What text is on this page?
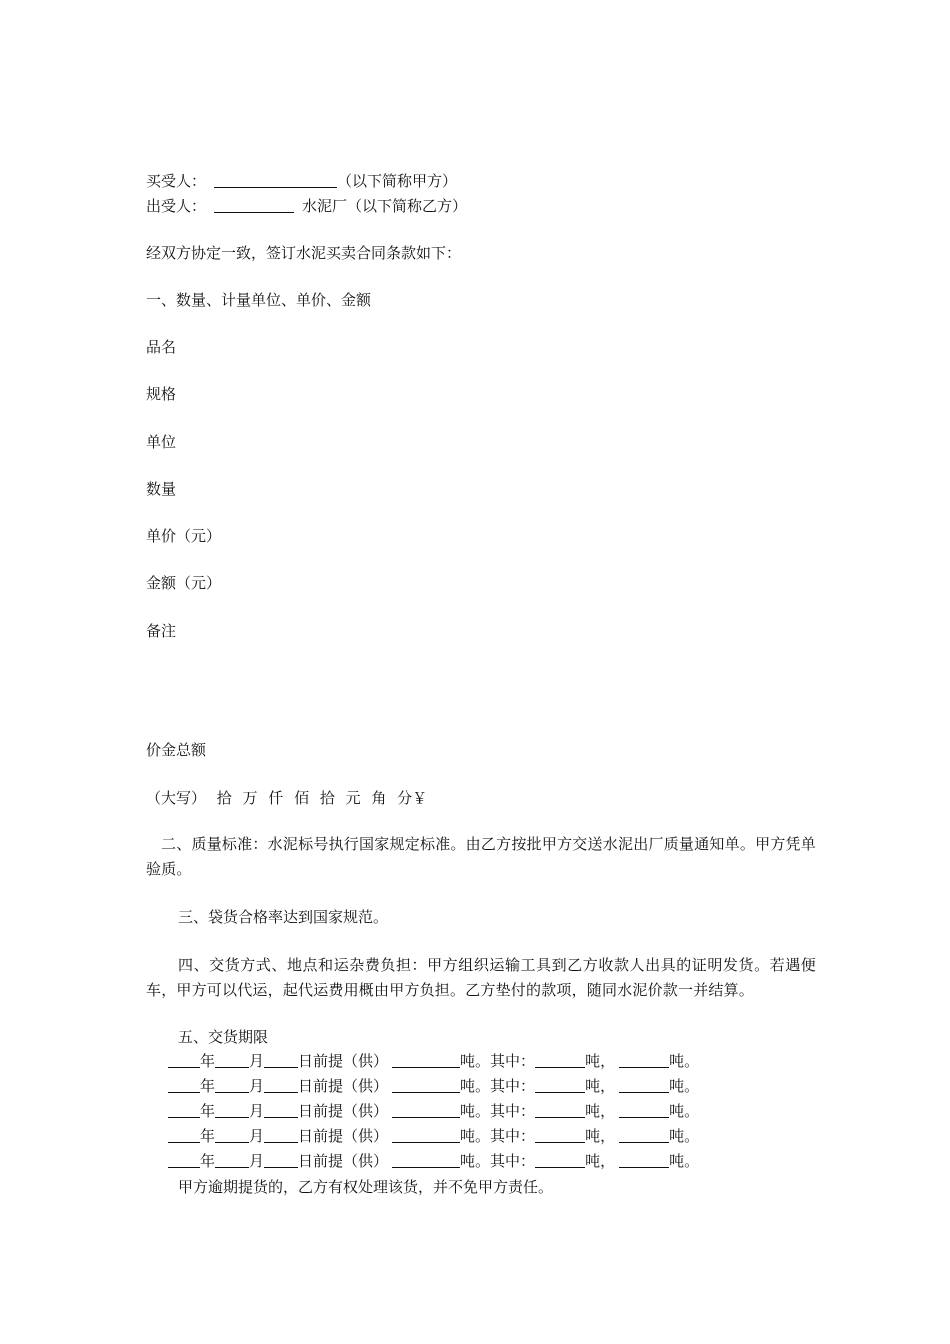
买受人：	（以下简称甲方）
出受人：	水泥厂（以下简称乙方）
经双方协定一致，签订水泥买卖合同条款如下：
一、数量、计量单位、单价、金额
品名
规格
单位
数量
单价（元）
金额（元）
备注
价金总额
（大写） 拾 万 仟 佰 拾 元 角 分￥
二、质量标准：水泥标号执行国家规定标准。由乙方按批甲方交送水泥出厂质量通知单。甲方凭单验质。
三、袋货合格率达到国家规范。
四、交货方式、地点和运杂费负担：甲方组织运输工具到乙方收款人出具的证明发货。若遇便车，甲方可以代运，起代运费用概由甲方负担。乙方垫付的款项，随同水泥价款一并结算。
五、交货期限
年 月 日前提（供）	吨。其中：	吨，	吨。
年 月 日前提（供）	吨。其中：	吨，	吨。
年 月 日前提（供）	吨。其中：	吨，	吨。
年 月 日前提（供）	吨。其中：	吨，	吨。
年 月 日前提（供）	吨。其中：	吨，	吨。
甲方逾期提货的，乙方有权处理该货，并不免甲方责任。
